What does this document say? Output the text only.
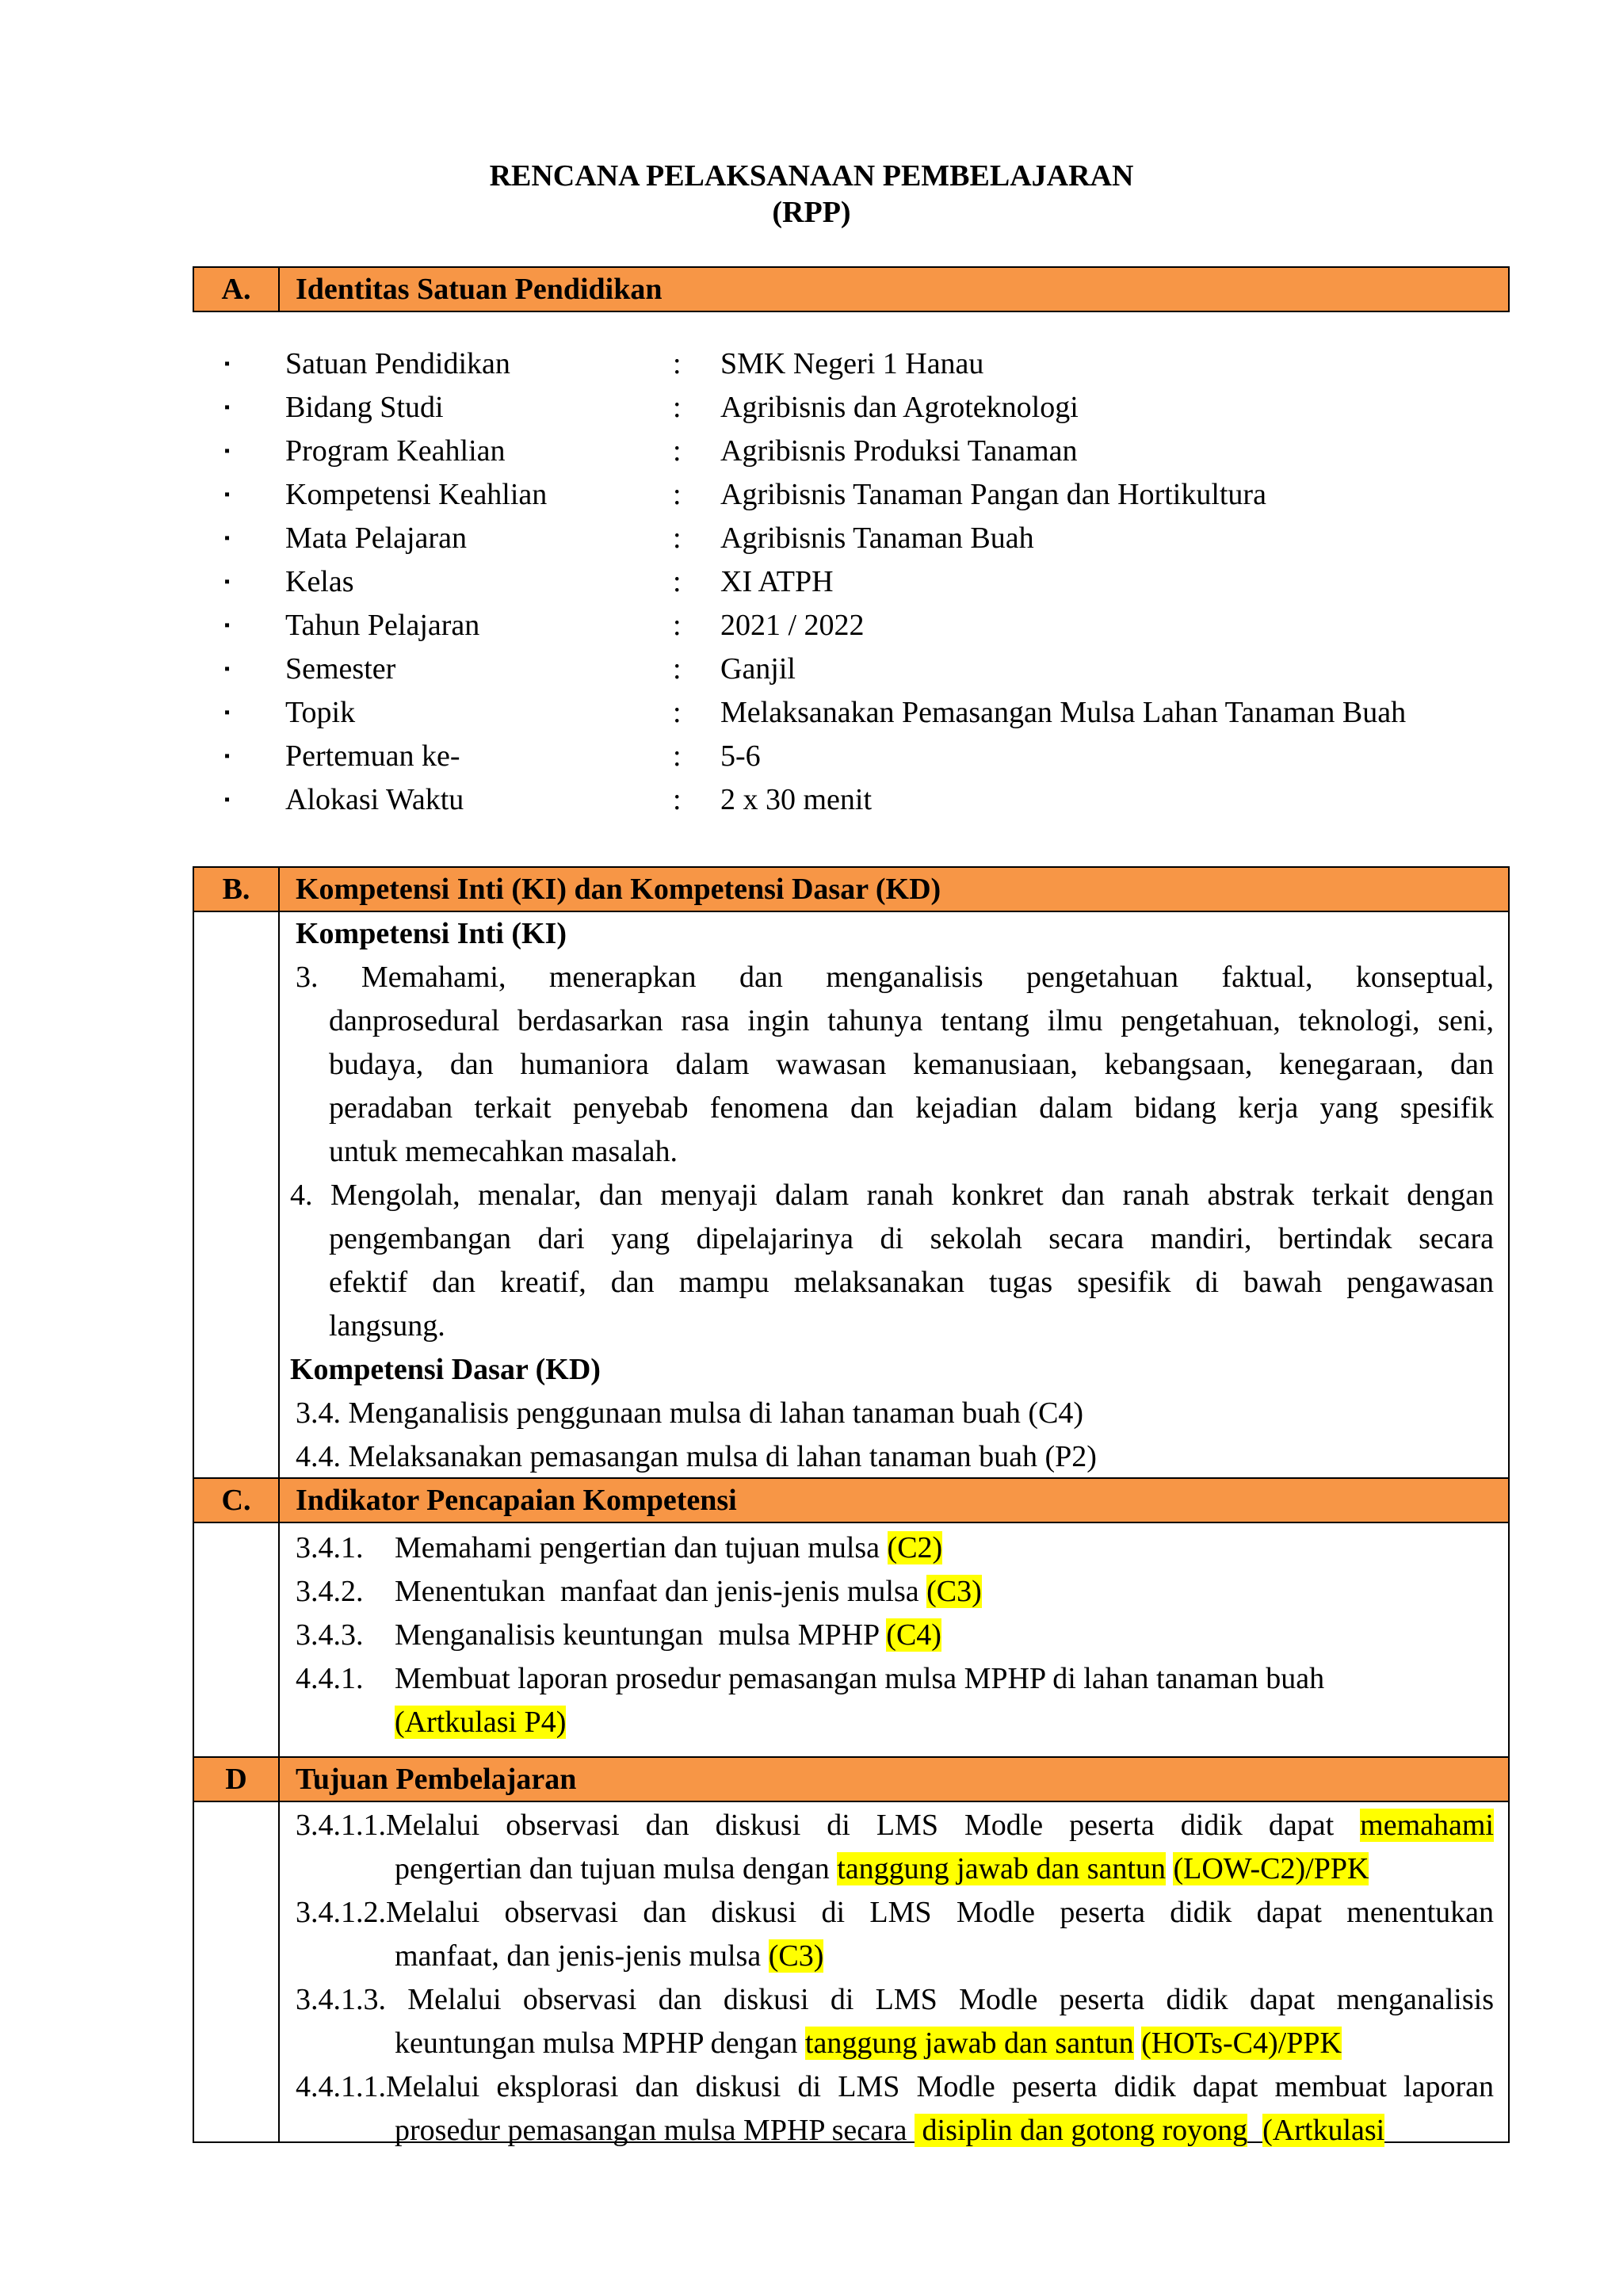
RENCANA PELAKSANAAN PEMBELAJARAN
(RPP)
A.	Identitas Satuan Pendidikan
▪ Satuan Pendidikan	: SMK Negeri 1 Hanau
▪ Bidang Studi	: Agribisnis dan Agroteknologi
▪ Program Keahlian	: Agribisnis Produksi Tanaman
▪ Kompetensi Keahlian	: Agribisnis Tanaman Pangan dan Hortikultura
▪ Mata Pelajaran	: Agribisnis Tanaman Buah
▪ Kelas	: XI ATPH
▪ Tahun Pelajaran	: 2021 / 2022
▪ Semester	: Ganjil
▪ Topik	: Melaksanakan Pemasangan Mulsa Lahan Tanaman Buah
▪ Pertemuan ke-	: 5-6
▪ Alokasi Waktu	: 2 x 30 menit
B.	Kompetensi Inti (KI) dan Kompetensi Dasar (KD)
Kompetensi Inti (KI)
3. Memahami, menerapkan dan menganalisis pengetahuan faktual, konseptual,
danprosedural berdasarkan rasa ingin tahunya tentang ilmu pengetahuan, teknologi, seni,
budaya, dan humaniora dalam wawasan kemanusiaan, kebangsaan, kenegaraan, dan
peradaban terkait penyebab fenomena dan kejadian dalam bidang kerja yang spesifik
untuk memecahkan masalah.
4. Mengolah, menalar, dan menyaji dalam ranah konkret dan ranah abstrak terkait dengan
pengembangan dari yang dipelajarinya di sekolah secara mandiri, bertindak secara
efektif dan kreatif, dan mampu melaksanakan tugas spesifik di bawah pengawasan
langsung.
Kompetensi Dasar (KD)
3.4. Menganalisis penggunaan mulsa di lahan tanaman buah (C4)
4.4. Melaksanakan pemasangan mulsa di lahan tanaman buah (P2)
C.	Indikator Pencapaian Kompetensi
3.4.1. Memahami pengertian dan tujuan mulsa (C2)
3.4.2. Menentukan  manfaat dan jenis-jenis mulsa (C3)
3.4.3. Menganalisis keuntungan  mulsa MPHP (C4)
4.4.1. Membuat laporan prosedur pemasangan mulsa MPHP di lahan tanaman buah
(Artkulasi P4)
D	Tujuan Pembelajaran
3.4.1.1.Melalui observasi dan diskusi di LMS Modle peserta didik dapat memahami
pengertian dan tujuan mulsa dengan tanggung jawab dan santun (LOW-C2)/PPK
3.4.1.2.Melalui observasi dan diskusi di LMS Modle peserta didik dapat menentukan
manfaat, dan jenis-jenis mulsa (C3)
3.4.1.3. Melalui observasi dan diskusi di LMS Modle peserta didik dapat menganalisis
keuntungan mulsa MPHP dengan tanggung jawab dan santun (HOTs-C4)/PPK
4.4.1.1.Melalui eksplorasi dan diskusi di LMS Modle peserta didik dapat membuat laporan
prosedur pemasangan mulsa MPHP secara  disiplin dan gotong royong (Artkulasi
